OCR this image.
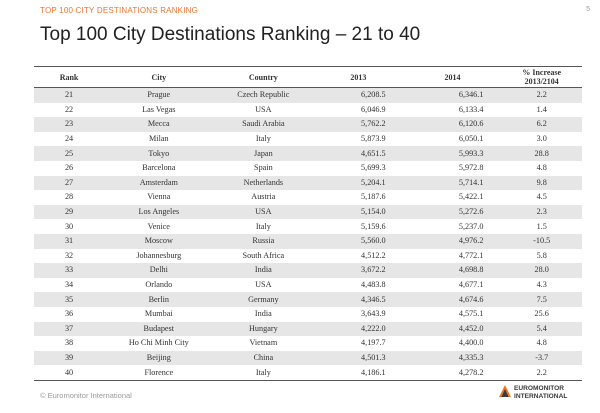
TOP 100 CITY DESTINATIONS RANKING	5
Top 100 City Destinations Ranking – 21 to 40
Rank	City	Country	2013	2014	% Increase
2013/2104
21	Prague	Czech Republic	6,208.5	6,346.1	2.2
22	Las Vegas	USA	6,046.9	6,133.4	1.4
23	Mecca	Saudi Arabia	5,762.2	6,120.6	6.2
24	Milan	Italy	5,873.9	6,050.1	3.0
25	Tokyo	Japan	4,651.5	5,993.3	28.8
26	Barcelona	Spain	5,699.3	5,972.8	4.8
27	Amsterdam	Netherlands	5,204.1	5,714.1	9.8
28	Vienna	Austria	5,187.6	5,422.1	4.5
29	Los Angeles	USA	5,154.0	5,272.6	2.3
30	Venice	Italy	5,159.6	5,237.0	1.5
31	Moscow	Russia	5,560.0	4,976.2	-10.5
32	Johannesburg	South Africa	4,512.2	4,772.1	5.8
33	Delhi	India	3,672.2	4,698.8	28.0
34	Orlando	USA	4,483.8	4,677.1	4.3
35	Berlin	Germany	4,346.5	4,674.6	7.5
36	Mumbai	India	3,643.9	4,575.1	25.6
37	Budapest	Hungary	4,222.0	4,452.0	5.4
38	Ho Chi Minh City	Vietnam	4,197.7	4,400.0	4.8
39	Beijing	China	4,501.3	4,335.3	-3.7
40	Florence	Italy	4,186.1	4,278.2	2.2
© Euromonitor International
EUROMONITOR
INTERNATIONAL
